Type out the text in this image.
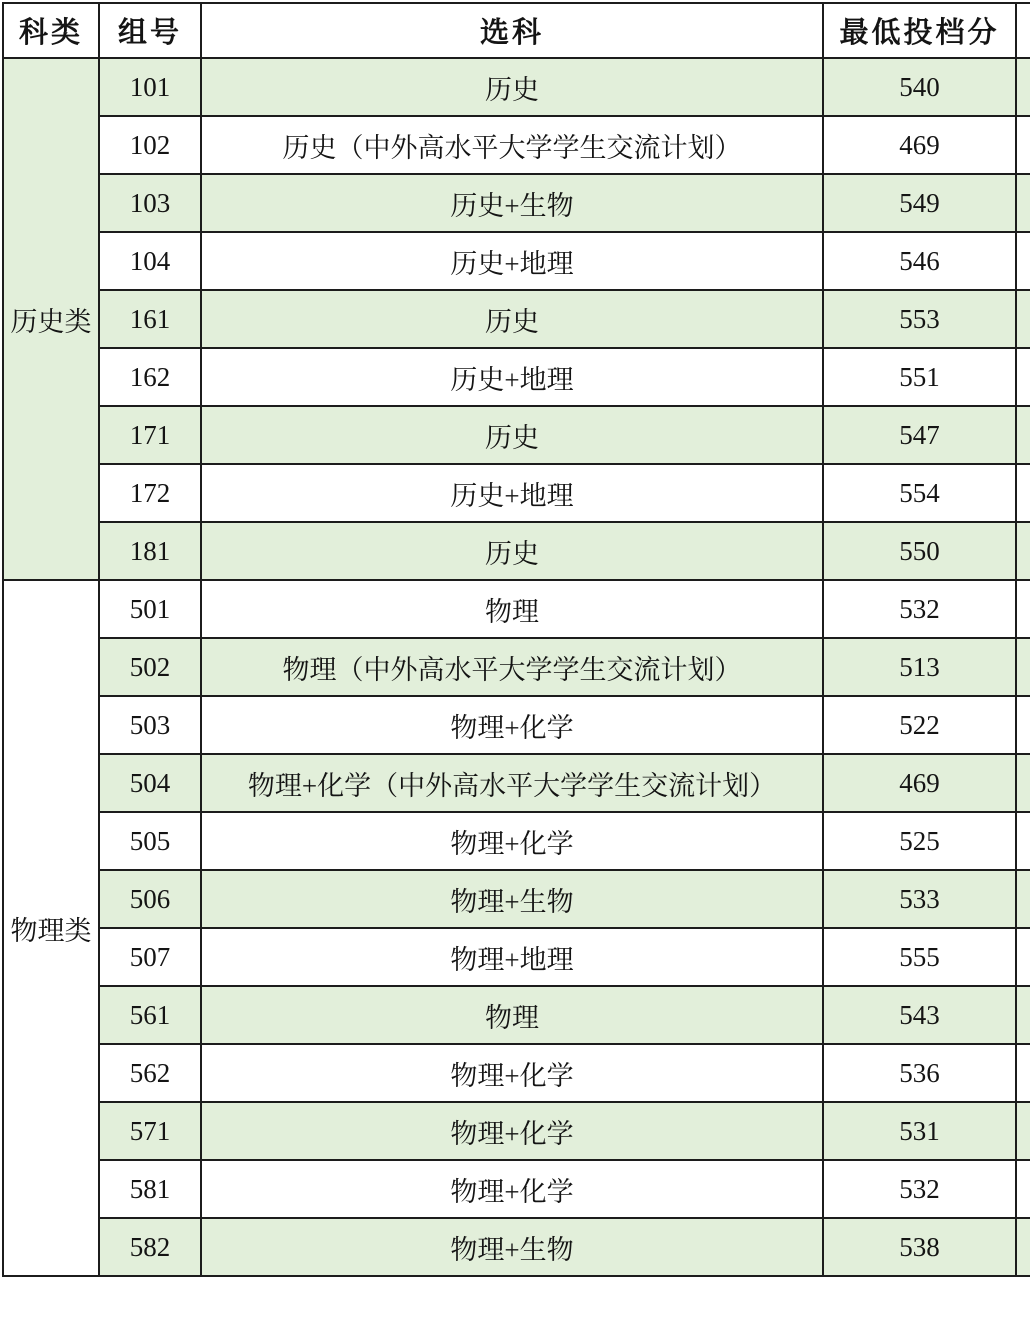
科类	组号	选科	最低投档分	
历史类	101	历史	540	
	102	历史（中外高水平大学学生交流计划）	469	
	103	历史+生物	549	
	104	历史+地理	546	
	161	历史	553	
	162	历史+地理	551	
	171	历史	547	
	172	历史+地理	554	
	181	历史	550	
物理类	501	物理	532	
	502	物理（中外高水平大学学生交流计划）	513	
	503	物理+化学	522	
	504	物理+化学（中外高水平大学学生交流计划）	469	
	505	物理+化学	525	
	506	物理+生物	533	
	507	物理+地理	555	
	561	物理	543	
	562	物理+化学	536	
	571	物理+化学	531	
	581	物理+化学	532	
	582	物理+生物	538	
